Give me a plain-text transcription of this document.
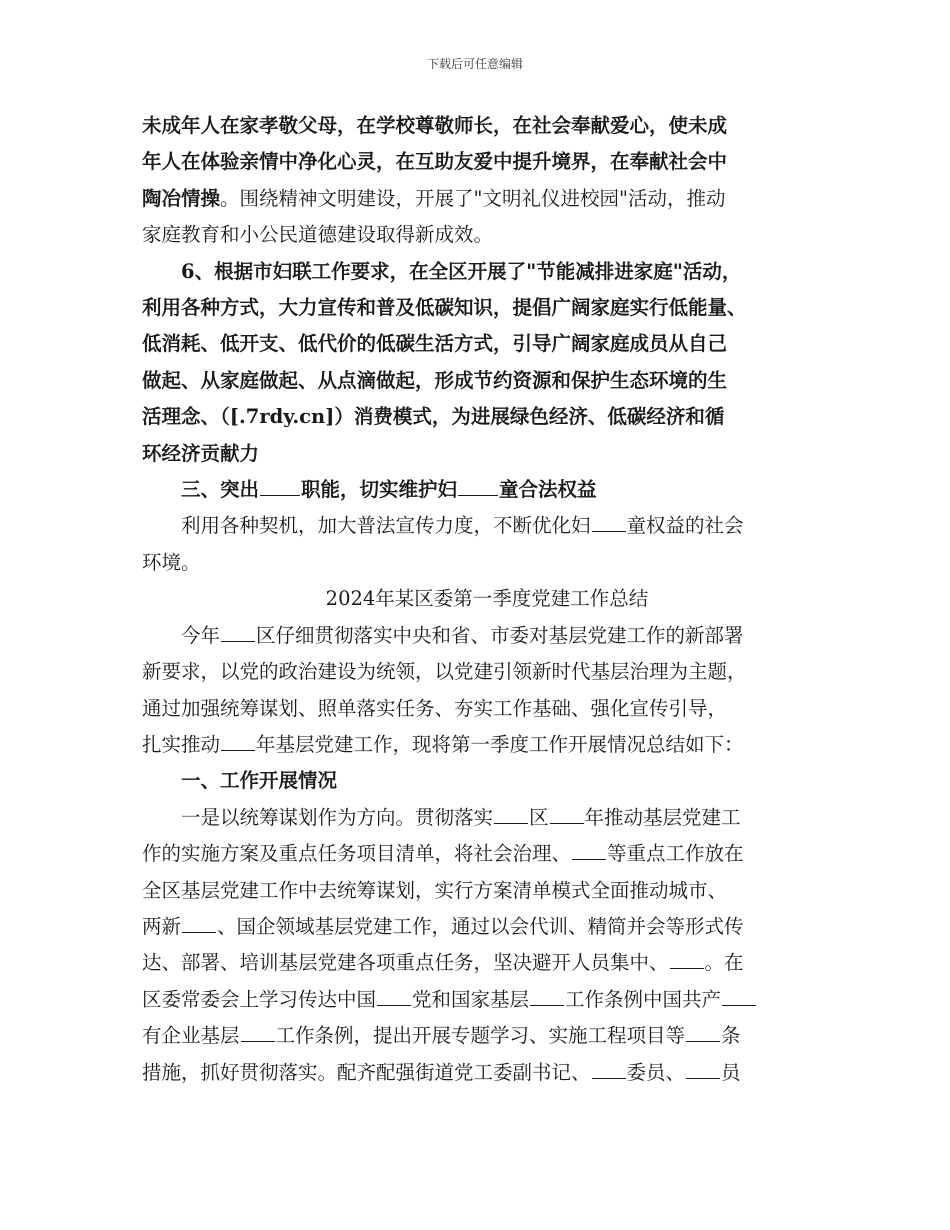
下载后可任意编辑

未成年人在家孝敬父母，在学校尊敬师长，在社会奉献爱心，使未成
年人在体验亲情中净化心灵，在互助友爱中提升境界，在奉献社会中
陶冶情操。围绕精神文明建设，开展了"文明礼仪进校园"活动，推动
家庭教育和小公民道德建设取得新成效。

6、根据市妇联工作要求，在全区开展了"节能减排进家庭"活动，
利用各种方式，大力宣传和普及低碳知识，提倡广阔家庭实行低能量、
低消耗、低开支、低代价的低碳生活方式，引导广阔家庭成员从自己
做起、从家庭做起、从点滴做起，形成节约资源和保护生态环境的生
活理念、（[.7rdy.cn]）消费模式，为进展绿色经济、低碳经济和循
环经济贡献力

三、突出 职能，切实维护妇 童合法权益

利用各种契机，加大普法宣传力度，不断优化妇 童权益的社会
环境。

2024年某区委第一季度党建工作总结

今年 区仔细贯彻落实中央和省、市委对基层党建工作的新部署
新要求，以党的政治建设为统领，以党建引领新时代基层治理为主题，
通过加强统筹谋划、照单落实任务、夯实工作基础、强化宣传引导，
扎实推动 年基层党建工作，现将第一季度工作开展情况总结如下：

一、工作开展情况

一是以统筹谋划作为方向。贯彻落实 区 年推动基层党建工
作的实施方案及重点任务项目清单，将社会治理、 等重点工作放在
全区基层党建工作中去统筹谋划，实行方案清单模式全面推动城市、
两新 、国企领域基层党建工作，通过以会代训、精简并会等形式传
达、部署、培训基层党建各项重点任务，坚决避开人员集中、 。在
区委常委会上学习传达中国 党和国家基层 工作条例中国共产
有企业基层 工作条例，提出开展专题学习、实施工程项目等 条
措施，抓好贯彻落实。配齐配强街道党工委副书记、 委员、 员
